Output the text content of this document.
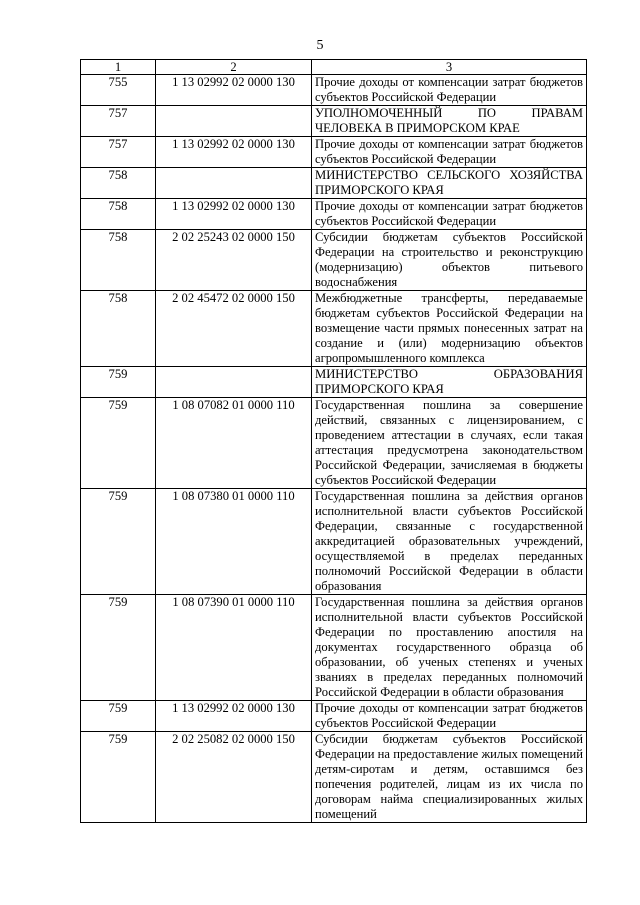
5
1	2	3
755	1 13 02992 02 0000 130	Прочие доходы от компенсации затрат бюджетов субъектов Российской Федерации
757		УПОЛНОМОЧЕННЫЙ ПО ПРАВАМ ЧЕЛОВЕКА В ПРИМОРСКОМ КРАЕ
757	1 13 02992 02 0000 130	Прочие доходы от компенсации затрат бюджетов субъектов Российской Федерации
758		МИНИСТЕРСТВО СЕЛЬСКОГО ХОЗЯЙСТВА ПРИМОРСКОГО КРАЯ
758	1 13 02992 02 0000 130	Прочие доходы от компенсации затрат бюджетов субъектов Российской Федерации
758	2 02 25243 02 0000 150	Субсидии бюджетам субъектов Российской Федерации на строительство и реконструкцию (модернизацию) объектов питьевого водоснабжения
758	2 02 45472 02 0000 150	Межбюджетные трансферты, передаваемые бюджетам субъектов Российской Федерации на возмещение части прямых понесенных затрат на создание и (или) модернизацию объектов агропромышленного комплекса
759		МИНИСТЕРСТВО ОБРАЗОВАНИЯ ПРИМОРСКОГО КРАЯ
759	1 08 07082 01 0000 110	Государственная пошлина за совершение действий, связанных с лицензированием, с проведением аттестации в случаях, если такая аттестация предусмотрена законодательством Российской Федерации, зачисляемая в бюджеты субъектов Российской Федерации
759	1 08 07380 01 0000 110	Государственная пошлина за действия органов исполнительной власти субъектов Российской Федерации, связанные с государственной аккредитацией образовательных учреждений, осуществляемой в пределах переданных полномочий Российской Федерации в области образования
759	1 08 07390 01 0000 110	Государственная пошлина за действия органов исполнительной власти субъектов Российской Федерации по проставлению апостиля на документах государственного образца об образовании, об ученых степенях и ученых званиях в пределах переданных полномочий Российской Федерации в области образования
759	1 13 02992 02 0000 130	Прочие доходы от компенсации затрат бюджетов субъектов Российской Федерации
759	2 02 25082 02 0000 150	Субсидии бюджетам субъектов Российской Федерации на предоставление жилых помещений детям-сиротам и детям, оставшимся без попечения родителей, лицам из их числа по договорам найма специализированных жилых помещений
